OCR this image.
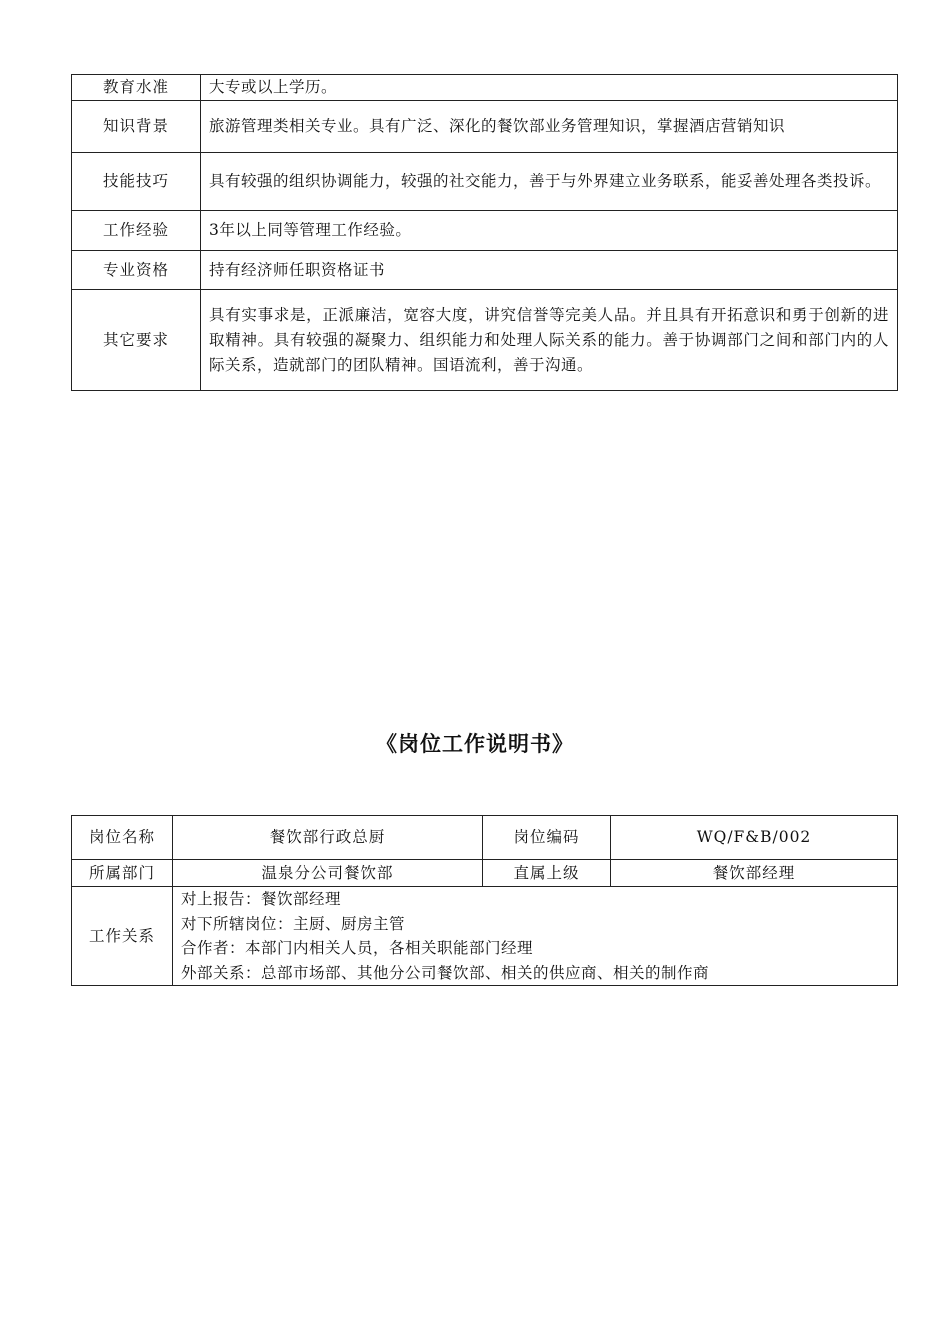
教育水准	大专或以上学历。
知识背景	旅游管理类相关专业。具有广泛、深化的餐饮部业务管理知识，掌握酒店营销知识
技能技巧	具有较强的组织协调能力，较强的社交能力，善于与外界建立业务联系，能妥善处理各类投诉。
工作经验	3年以上同等管理工作经验。
专业资格	持有经济师任职资格证书
其它要求	具有实事求是，正派廉洁，宽容大度，讲究信誉等完美人品。并且具有开拓意识和勇于创新的进取精神。具有较强的凝聚力、组织能力和处理人际关系的能力。善于协调部门之间和部门内的人际关系，造就部门的团队精神。国语流利，善于沟通。
《岗位工作说明书》
岗位名称	餐饮部行政总厨	岗位编码	WQ/F&B/002
所属部门	温泉分公司餐饮部	直属上级	餐饮部经理
工作关系	对上报告：餐饮部经理
对下所辖岗位：主厨、厨房主管
合作者：本部门内相关人员，各相关职能部门经理
外部关系：总部市场部、其他分公司餐饮部、相关的供应商、相关的制作商		
